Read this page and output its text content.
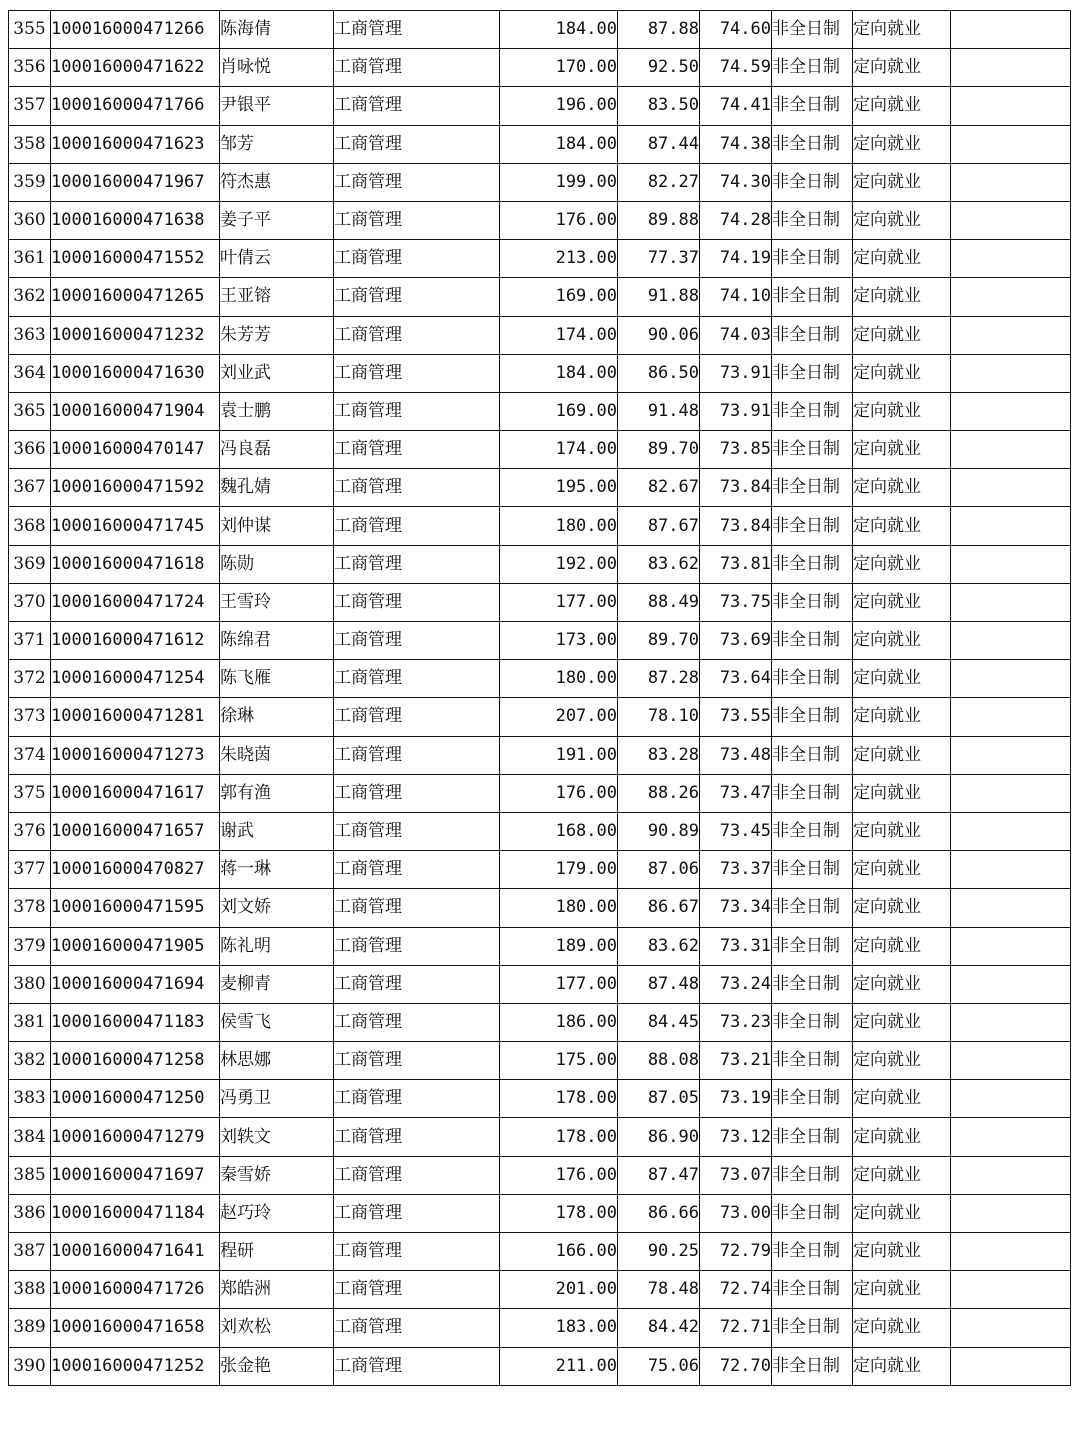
355	100016000471266	陈海倩	工商管理	184.00	87.88	74.60	非全日制	定向就业	
356	100016000471622	肖咏悦	工商管理	170.00	92.50	74.59	非全日制	定向就业	
357	100016000471766	尹银平	工商管理	196.00	83.50	74.41	非全日制	定向就业	
358	100016000471623	邹芳	工商管理	184.00	87.44	74.38	非全日制	定向就业	
359	100016000471967	符杰惠	工商管理	199.00	82.27	74.30	非全日制	定向就业	
360	100016000471638	姜子平	工商管理	176.00	89.88	74.28	非全日制	定向就业	
361	100016000471552	叶倩云	工商管理	213.00	77.37	74.19	非全日制	定向就业	
362	100016000471265	王亚镕	工商管理	169.00	91.88	74.10	非全日制	定向就业	
363	100016000471232	朱芳芳	工商管理	174.00	90.06	74.03	非全日制	定向就业	
364	100016000471630	刘业武	工商管理	184.00	86.50	73.91	非全日制	定向就业	
365	100016000471904	袁士鹏	工商管理	169.00	91.48	73.91	非全日制	定向就业	
366	100016000470147	冯良磊	工商管理	174.00	89.70	73.85	非全日制	定向就业	
367	100016000471592	魏孔婧	工商管理	195.00	82.67	73.84	非全日制	定向就业	
368	100016000471745	刘仲谋	工商管理	180.00	87.67	73.84	非全日制	定向就业	
369	100016000471618	陈勋	工商管理	192.00	83.62	73.81	非全日制	定向就业	
370	100016000471724	王雪玲	工商管理	177.00	88.49	73.75	非全日制	定向就业	
371	100016000471612	陈绵君	工商管理	173.00	89.70	73.69	非全日制	定向就业	
372	100016000471254	陈飞雁	工商管理	180.00	87.28	73.64	非全日制	定向就业	
373	100016000471281	徐琳	工商管理	207.00	78.10	73.55	非全日制	定向就业	
374	100016000471273	朱晓茵	工商管理	191.00	83.28	73.48	非全日制	定向就业	
375	100016000471617	郭有渔	工商管理	176.00	88.26	73.47	非全日制	定向就业	
376	100016000471657	谢武	工商管理	168.00	90.89	73.45	非全日制	定向就业	
377	100016000470827	蒋一琳	工商管理	179.00	87.06	73.37	非全日制	定向就业	
378	100016000471595	刘文娇	工商管理	180.00	86.67	73.34	非全日制	定向就业	
379	100016000471905	陈礼明	工商管理	189.00	83.62	73.31	非全日制	定向就业	
380	100016000471694	麦柳青	工商管理	177.00	87.48	73.24	非全日制	定向就业	
381	100016000471183	侯雪飞	工商管理	186.00	84.45	73.23	非全日制	定向就业	
382	100016000471258	林思娜	工商管理	175.00	88.08	73.21	非全日制	定向就业	
383	100016000471250	冯勇卫	工商管理	178.00	87.05	73.19	非全日制	定向就业	
384	100016000471279	刘轶文	工商管理	178.00	86.90	73.12	非全日制	定向就业	
385	100016000471697	秦雪娇	工商管理	176.00	87.47	73.07	非全日制	定向就业	
386	100016000471184	赵巧玲	工商管理	178.00	86.66	73.00	非全日制	定向就业	
387	100016000471641	程研	工商管理	166.00	90.25	72.79	非全日制	定向就业	
388	100016000471726	郑皓洲	工商管理	201.00	78.48	72.74	非全日制	定向就业	
389	100016000471658	刘欢松	工商管理	183.00	84.42	72.71	非全日制	定向就业	
390	100016000471252	张金艳	工商管理	211.00	75.06	72.70	非全日制	定向就业	
